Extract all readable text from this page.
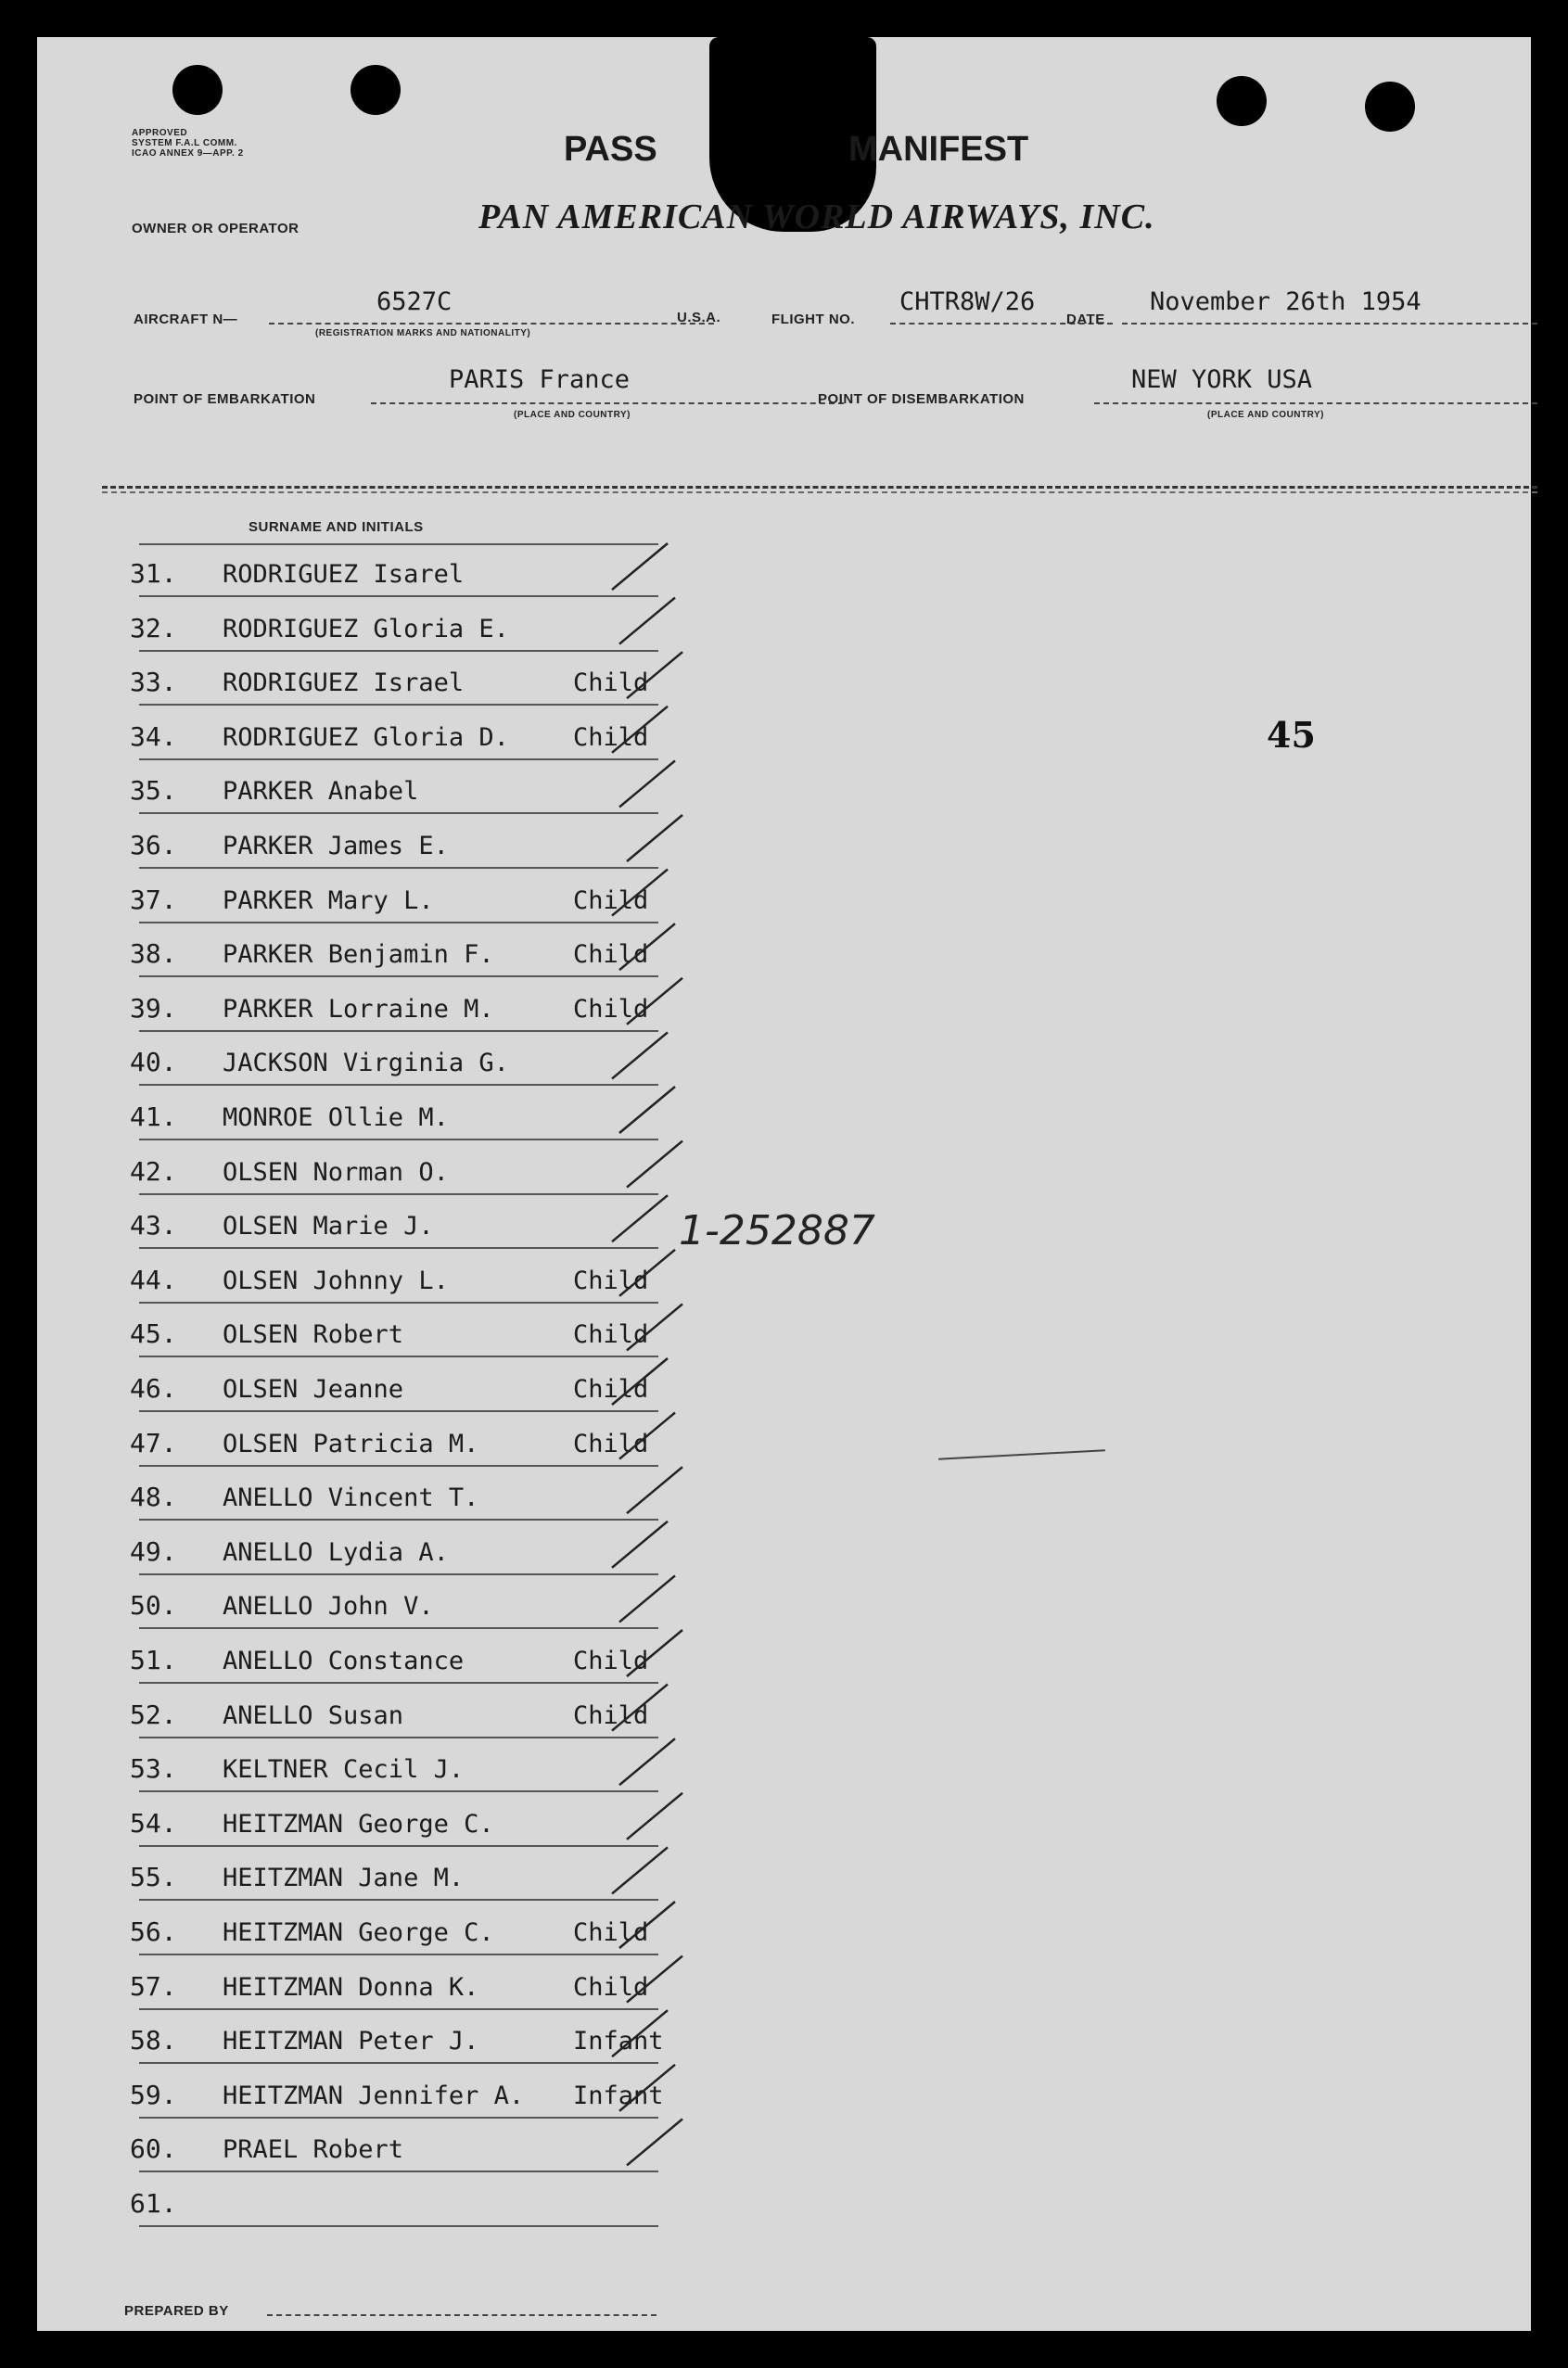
APPROVED
SYSTEM F.A.L COMM.
ICAO ANNEX 9—APP. 2	PASS	MANIFEST
OWNER OR OPERATOR	PAN AMERICAN WORLD AIRWAYS, INC.
AIRCRAFT N—
6527C
(REGISTRATION MARKS AND NATIONALITY)
U.S.A.	FLIGHT NO.
CHTR8W/26
DATE
November 26th 1954
POINT OF EMBARKATION
PARIS France
(PLACE AND COUNTRY)
POINT OF DISEMBARKATION
NEW YORK USA
(PLACE AND COUNTRY)
SURNAME AND INITIALS
31. RODRIGUEZ Isarel
32. RODRIGUEZ Gloria E.
33. RODRIGUEZ Israel	Child
34. RODRIGUEZ Gloria D.	Child
35. PARKER Anabel
36. PARKER James E.
37. PARKER Mary L.	Child
38. PARKER Benjamin F.	Child
39. PARKER Lorraine M.	Child
40. JACKSON Virginia G.
41. MONROE Ollie M.
42. OLSEN Norman O.
43. OLSEN Marie J.
44. OLSEN Johnny L.	Child
45. OLSEN Robert	Child
46. OLSEN Jeanne	Child
47. OLSEN Patricia M.	Child
48. ANELLO Vincent T.
49. ANELLO Lydia A.
50. ANELLO John V.
51. ANELLO Constance	Child
52. ANELLO Susan	Child
53. KELTNER Cecil J.
54. HEITZMAN George C.
55. HEITZMAN Jane M.
56. HEITZMAN George C.	Child
57. HEITZMAN Donna K.	Child
58. HEITZMAN Peter J.	Infant
59. HEITZMAN Jennifer A. Infant
60. PRAEL Robert
61.
45
1-252887
PREPARED BY
